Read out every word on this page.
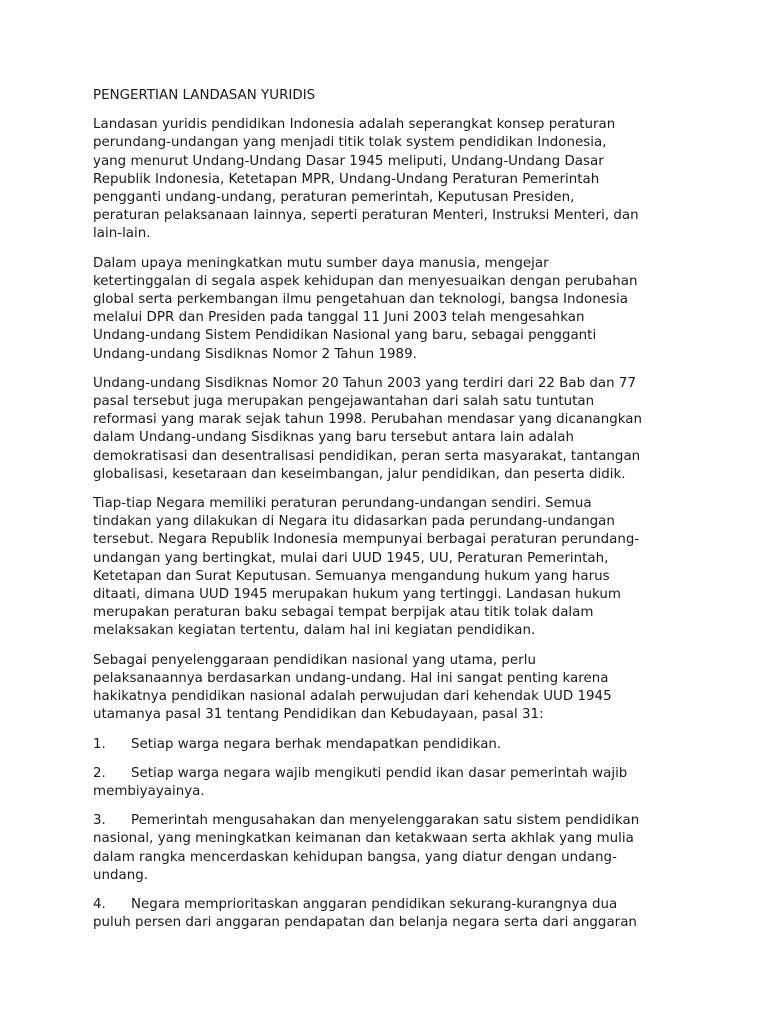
PENGERTIAN LANDASAN YURIDIS
Landasan yuridis pendidikan Indonesia adalah seperangkat konsep peraturan
perundang-undangan yang menjadi titik tolak system pendidikan Indonesia,
yang menurut Undang-Undang Dasar 1945 meliputi, Undang-Undang Dasar
Republik Indonesia, Ketetapan MPR, Undang-Undang Peraturan Pemerintah
pengganti undang-undang, peraturan pemerintah, Keputusan Presiden,
peraturan pelaksanaan lainnya, seperti peraturan Menteri, Instruksi Menteri, dan
lain-lain.
Dalam upaya meningkatkan mutu sumber daya manusia, mengejar
ketertinggalan di segala aspek kehidupan dan menyesuaikan dengan perubahan
global serta perkembangan ilmu pengetahuan dan teknologi, bangsa Indonesia
melalui DPR dan Presiden pada tanggal 11 Juni 2003 telah mengesahkan
Undang-undang Sistem Pendidikan Nasional yang baru, sebagai pengganti
Undang-undang Sisdiknas Nomor 2 Tahun 1989.
Undang-undang Sisdiknas Nomor 20 Tahun 2003 yang terdiri dari 22 Bab dan 77
pasal tersebut juga merupakan pengejawantahan dari salah satu tuntutan
reformasi yang marak sejak tahun 1998. Perubahan mendasar yang dicanangkan
dalam Undang-undang Sisdiknas yang baru tersebut antara lain adalah
demokratisasi dan desentralisasi pendidikan, peran serta masyarakat, tantangan
globalisasi, kesetaraan dan keseimbangan, jalur pendidikan, dan peserta didik.
Tiap-tiap Negara memiliki peraturan perundang-undangan sendiri. Semua
tindakan yang dilakukan di Negara itu didasarkan pada perundang-undangan
tersebut. Negara Republik Indonesia mempunyai berbagai peraturan perundang-
undangan yang bertingkat, mulai dari UUD 1945, UU, Peraturan Pemerintah,
Ketetapan dan Surat Keputusan. Semuanya mengandung hukum yang harus
ditaati, dimana UUD 1945 merupakan hukum yang tertinggi. Landasan hukum
merupakan peraturan baku sebagai tempat berpijak atau titik tolak dalam
melaksakan kegiatan tertentu, dalam hal ini kegiatan pendidikan.
Sebagai penyelenggaraan pendidikan nasional yang utama, perlu
pelaksanaannya berdasarkan undang-undang. Hal ini sangat penting karena
hakikatnya pendidikan nasional adalah perwujudan dari kehendak UUD 1945
utamanya pasal 31 tentang Pendidikan dan Kebudayaan, pasal 31:
1. Setiap warga negara berhak mendapatkan pendidikan.
2. Setiap warga negara wajib mengikuti pendid ikan dasar pemerintah wajib
membiyayainya.
3. Pemerintah mengusahakan dan menyelenggarakan satu sistem pendidikan
nasional, yang meningkatkan keimanan dan ketakwaan serta akhlak yang mulia
dalam rangka mencerdaskan kehidupan bangsa, yang diatur dengan undang-
undang.
4. Negara memprioritaskan anggaran pendidikan sekurang-kurangnya dua
puluh persen dari anggaran pendapatan dan belanja negara serta dari anggaran
